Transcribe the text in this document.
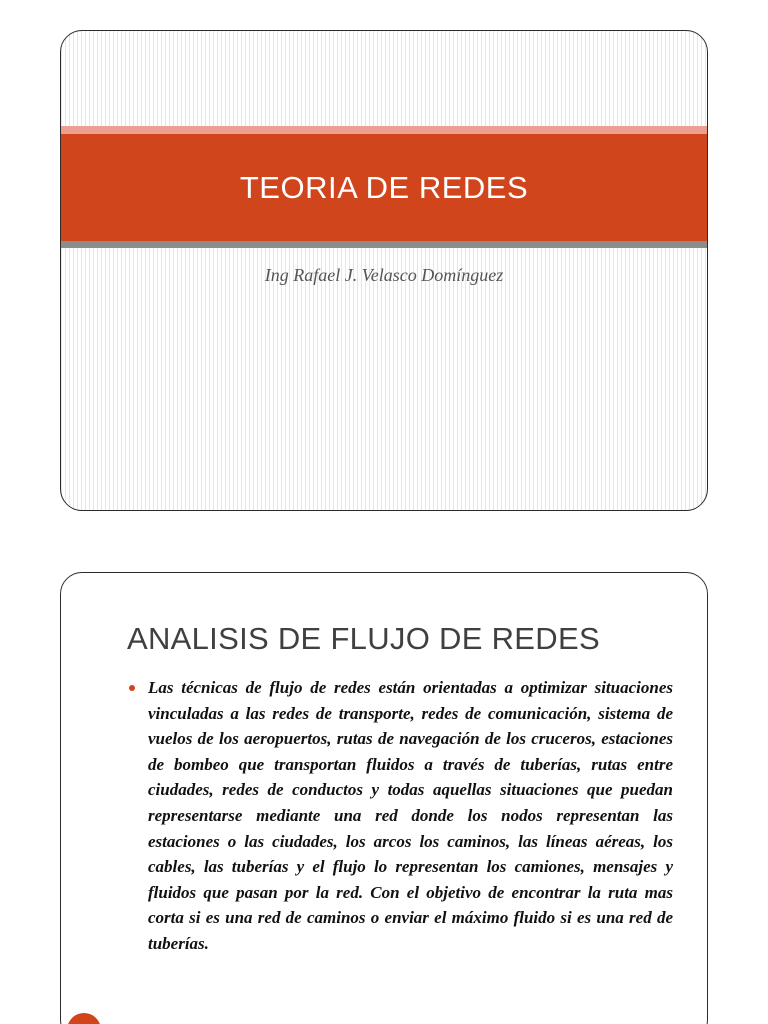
TEORIA DE REDES
Ing Rafael J. Velasco Domínguez
ANALISIS DE FLUJO DE REDES
Las técnicas de flujo de redes están orientadas a optimizar situaciones vinculadas a las redes de transporte, redes de comunicación, sistema de vuelos de los aeropuertos, rutas de navegación de los cruceros, estaciones de bombeo que transportan fluidos a través de tuberías, rutas entre ciudades, redes de conductos y todas aquellas situaciones que puedan representarse mediante una red donde los nodos representan las estaciones o las ciudades, los arcos los caminos, las líneas aéreas, los cables, las tuberías y el flujo lo representan los camiones, mensajes y fluidos que pasan por la red. Con el objetivo de encontrar la ruta mas corta si es una red de caminos o enviar el máximo fluido si es una red de tuberías.
